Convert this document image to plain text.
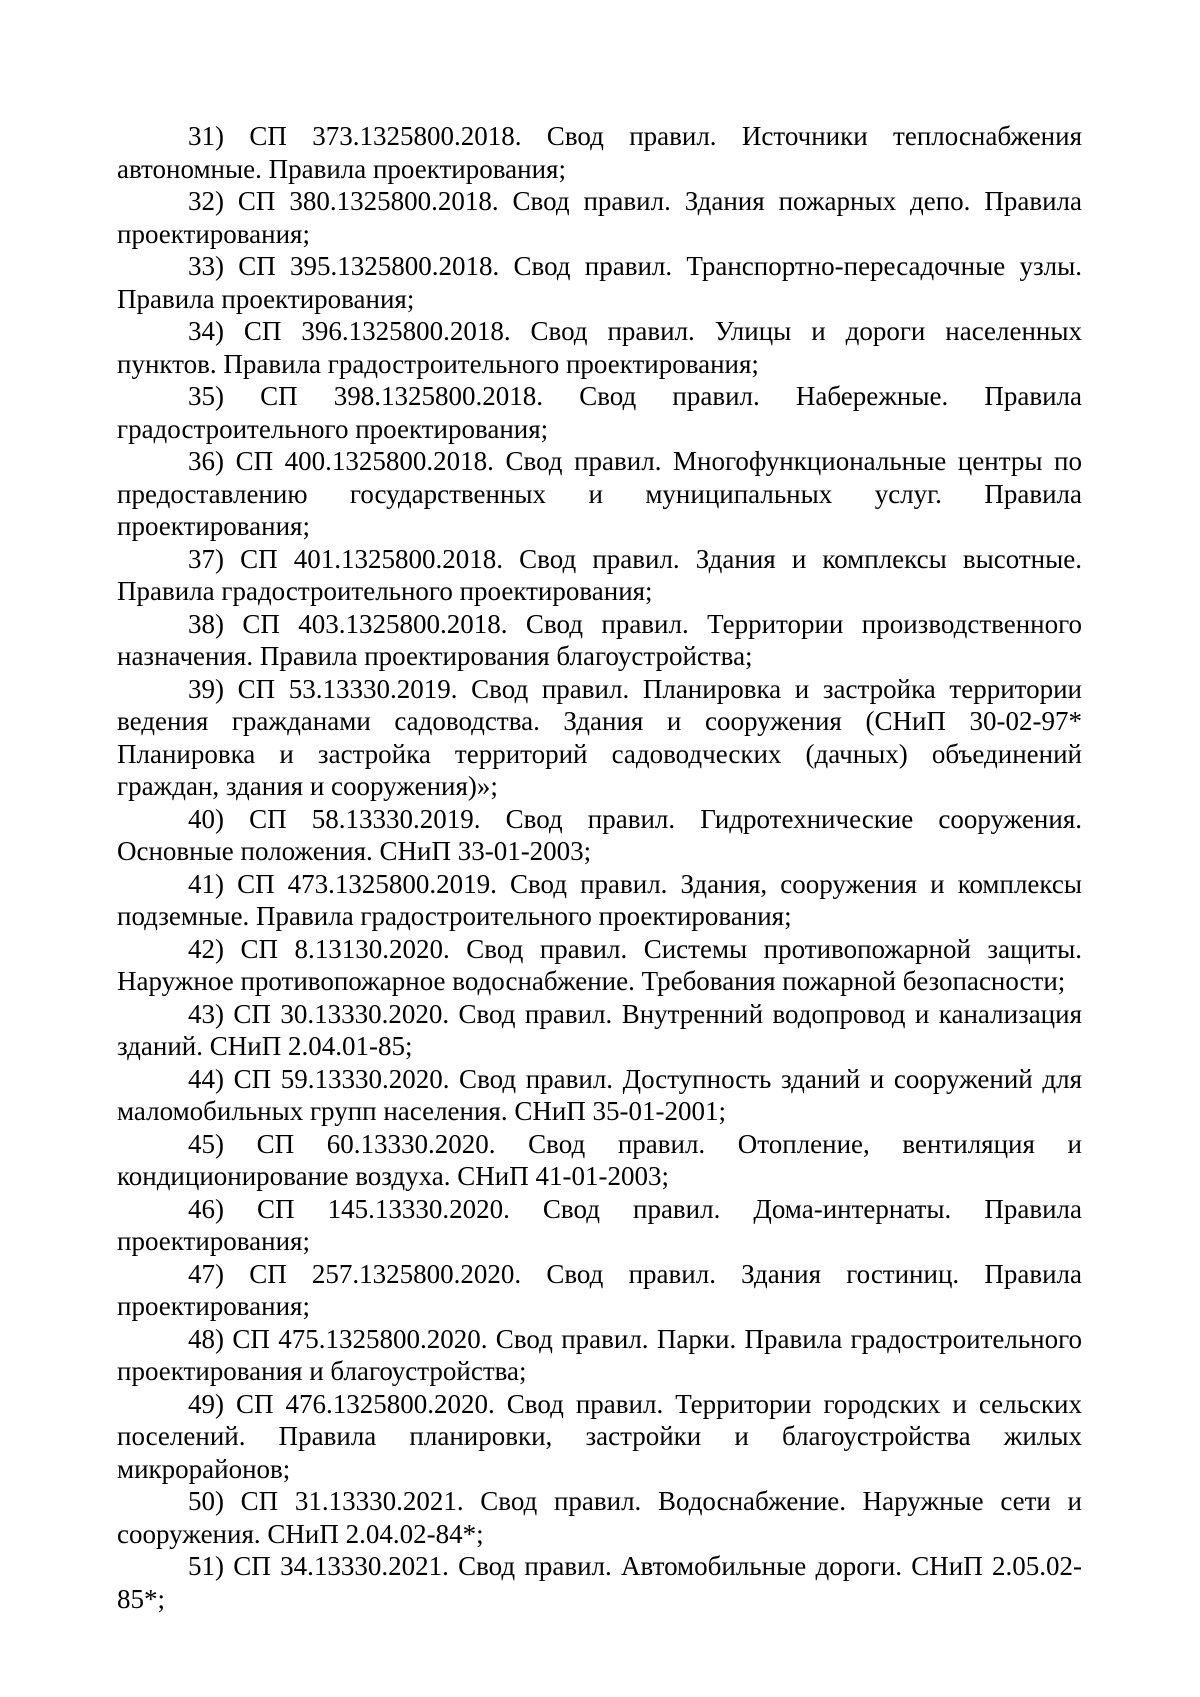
31) СП 373.1325800.2018. Свод правил. Источники теплоснабжения автономные. Правила проектирования;

32) СП 380.1325800.2018. Свод правил. Здания пожарных депо. Правила проектирования;

33) СП 395.1325800.2018. Свод правил. Транспортно-пересадочные узлы. Правила проектирования;

34) СП 396.1325800.2018. Свод правил. Улицы и дороги населенных пунктов. Правила градостроительного проектирования;

35) СП 398.1325800.2018. Свод правил. Набережные. Правила градостроительного проектирования;

36) СП 400.1325800.2018. Свод правил. Многофункциональные центры по предоставлению государственных и муниципальных услуг. Правила проектирования;

37) СП 401.1325800.2018. Свод правил. Здания и комплексы высотные. Правила градостроительного проектирования;

38) СП 403.1325800.2018. Свод правил. Территории производственного назначения. Правила проектирования благоустройства;

39) СП 53.13330.2019. Свод правил. Планировка и застройка территории ведения гражданами садоводства. Здания и сооружения (СНиП 30-02-97* Планировка и застройка территорий садоводческих (дачных) объединений граждан, здания и сооружения)»;

40) СП 58.13330.2019. Свод правил. Гидротехнические сооружения. Основные положения. СНиП 33-01-2003;

41) СП 473.1325800.2019. Свод правил. Здания, сооружения и комплексы подземные. Правила градостроительного проектирования;

42) СП 8.13130.2020. Свод правил. Системы противопожарной защиты. Наружное противопожарное водоснабжение. Требования пожарной безопасности;

43) СП 30.13330.2020. Свод правил. Внутренний водопровод и канализация зданий. СНиП 2.04.01-85;

44) СП 59.13330.2020. Свод правил. Доступность зданий и сооружений для маломобильных групп населения. СНиП 35-01-2001;

45) СП 60.13330.2020. Свод правил. Отопление, вентиляция и кондиционирование воздуха. СНиП 41-01-2003;

46) СП 145.13330.2020. Свод правил. Дома-интернаты. Правила проектирования;

47) СП 257.1325800.2020. Свод правил. Здания гостиниц. Правила проектирования;

48) СП 475.1325800.2020. Свод правил. Парки. Правила градостроительного проектирования и благоустройства;

49) СП 476.1325800.2020. Свод правил. Территории городских и сельских поселений. Правила планировки, застройки и благоустройства жилых микрорайонов;

50) СП 31.13330.2021. Свод правил. Водоснабжение. Наружные сети и сооружения. СНиП 2.04.02-84*;

51) СП 34.13330.2021. Свод правил. Автомобильные дороги. СНиП 2.05.02-85*;
